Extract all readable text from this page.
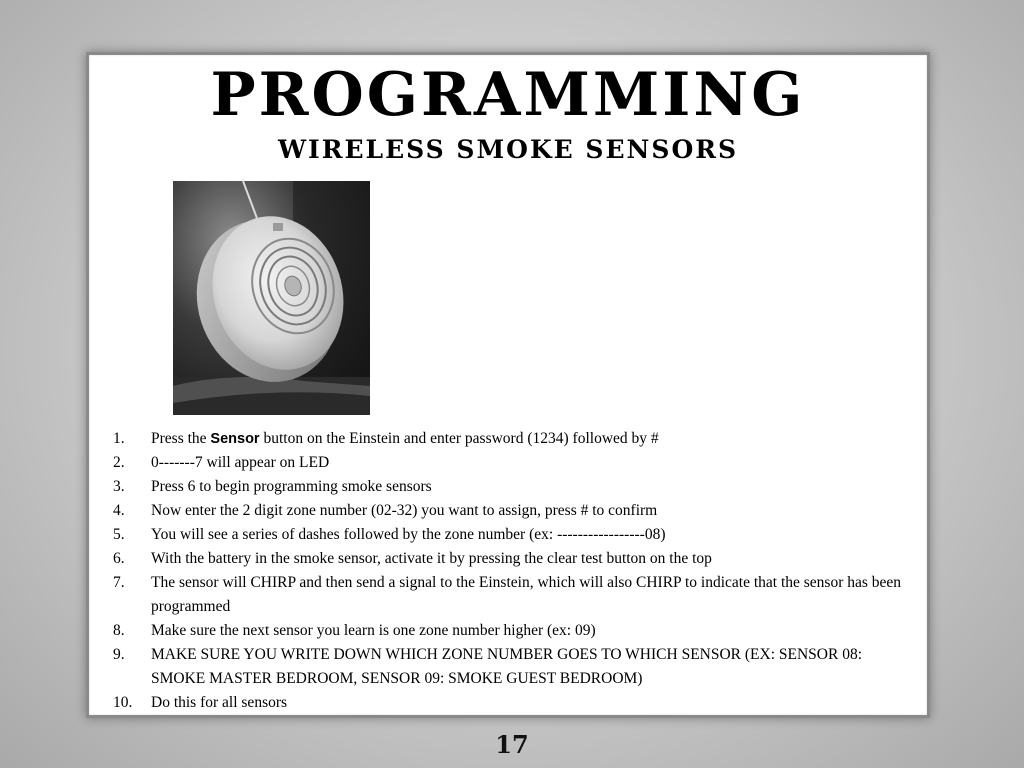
PROGRAMMING
WIRELESS SMOKE SENSORS
1. Press the Sensor button on the Einstein and enter password (1234) followed by #
2. 0-------7 will appear on LED
3. Press 6 to begin programming smoke sensors
4. Now enter the 2 digit zone number (02-32) you want to assign, press # to confirm
5. You will see a series of dashes followed by the zone number (ex: -----------------08)
6. With the battery in the smoke sensor, activate it by pressing the clear test button on the top
7. The sensor will CHIRP and then send a signal to the Einstein, which will also CHIRP to indicate that the sensor has been programmed
8. Make sure the next sensor you learn is one zone number higher (ex: 09)
9. MAKE SURE YOU WRITE DOWN WHICH ZONE NUMBER GOES TO WHICH SENSOR (EX: SENSOR 08: SMOKE MASTER BEDROOM, SENSOR 09: SMOKE GUEST BEDROOM)
10. Do this for all sensors
17
